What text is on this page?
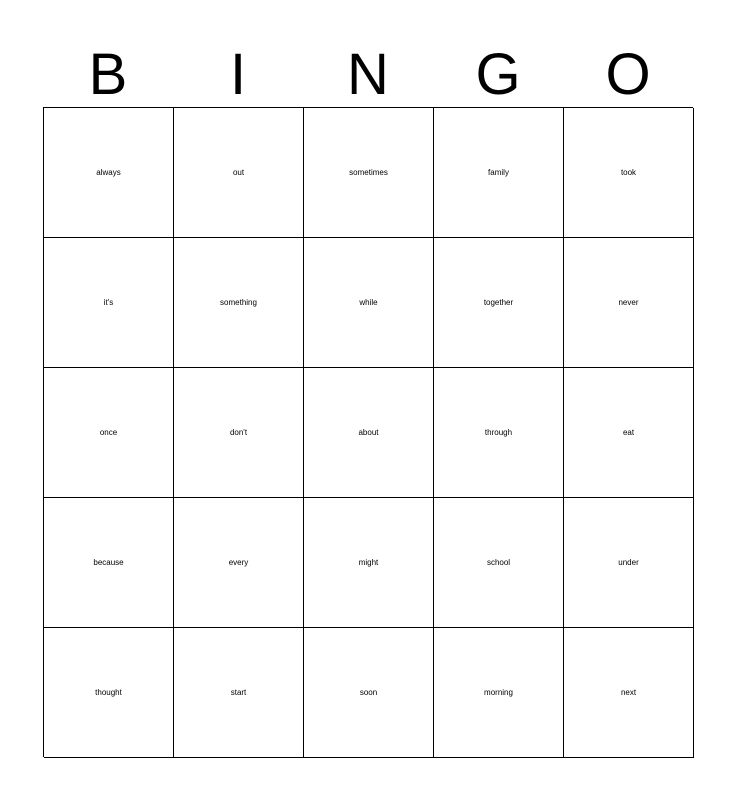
B	I	N	G	O
always	out	sometimes	family	took
it's	something	while	together	never
once	don't	about	through	eat
because	every	might	school	under
thought	start	soon	morning	next
